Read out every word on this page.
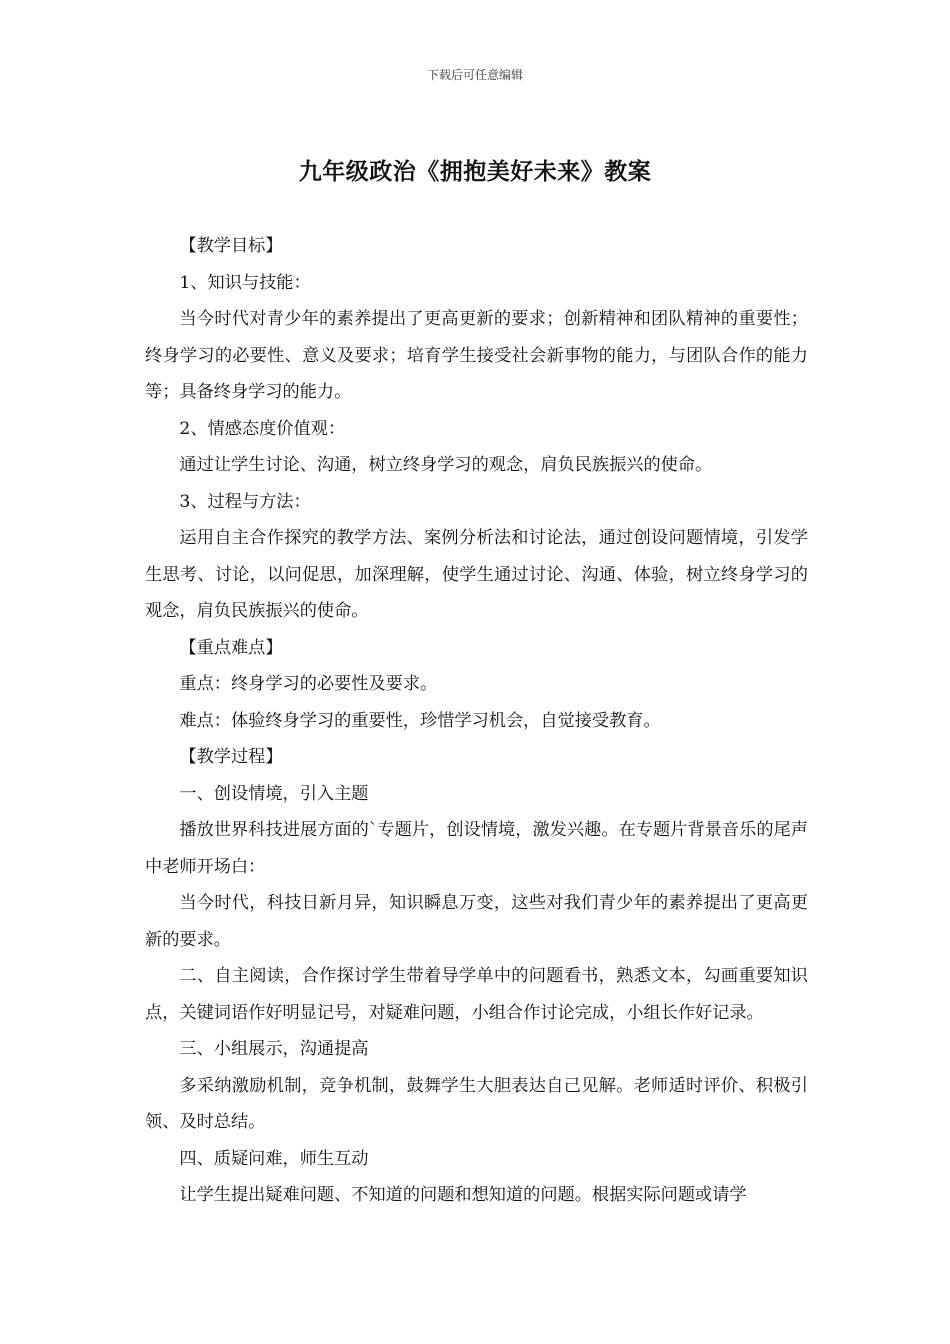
下载后可任意编辑
九年级政治《拥抱美好未来》教案

【教学目标】

1、知识与技能：

当今时代对青少年的素养提出了更高更新的要求；创新精神和团队精神的重要性；终身学习的必要性、意义及要求；培育学生接受社会新事物的能力，与团队合作的能力等；具备终身学习的能力。

2、情感态度价值观：

通过让学生讨论、沟通，树立终身学习的观念，肩负民族振兴的使命。

3、过程与方法：

运用自主合作探究的教学方法、案例分析法和讨论法，通过创设问题情境，引发学生思考、讨论，以问促思，加深理解，使学生通过讨论、沟通、体验，树立终身学习的观念，肩负民族振兴的使命。

【重点难点】

重点：终身学习的必要性及要求。

难点：体验终身学习的重要性，珍惜学习机会，自觉接受教育。

【教学过程】

一、创设情境，引入主题

播放世界科技进展方面的`专题片，创设情境，激发兴趣。在专题片背景音乐的尾声中老师开场白：

当今时代，科技日新月异，知识瞬息万变，这些对我们青少年的素养提出了更高更新的要求。

二、自主阅读，合作探讨学生带着导学单中的问题看书，熟悉文本，勾画重要知识点，关键词语作好明显记号，对疑难问题，小组合作讨论完成，小组长作好记录。

三、小组展示，沟通提高

多采纳激励机制，竞争机制，鼓舞学生大胆表达自己见解。老师适时评价、积极引领、及时总结。

四、质疑问难，师生互动

让学生提出疑难问题、不知道的问题和想知道的问题。根据实际问题或请学
